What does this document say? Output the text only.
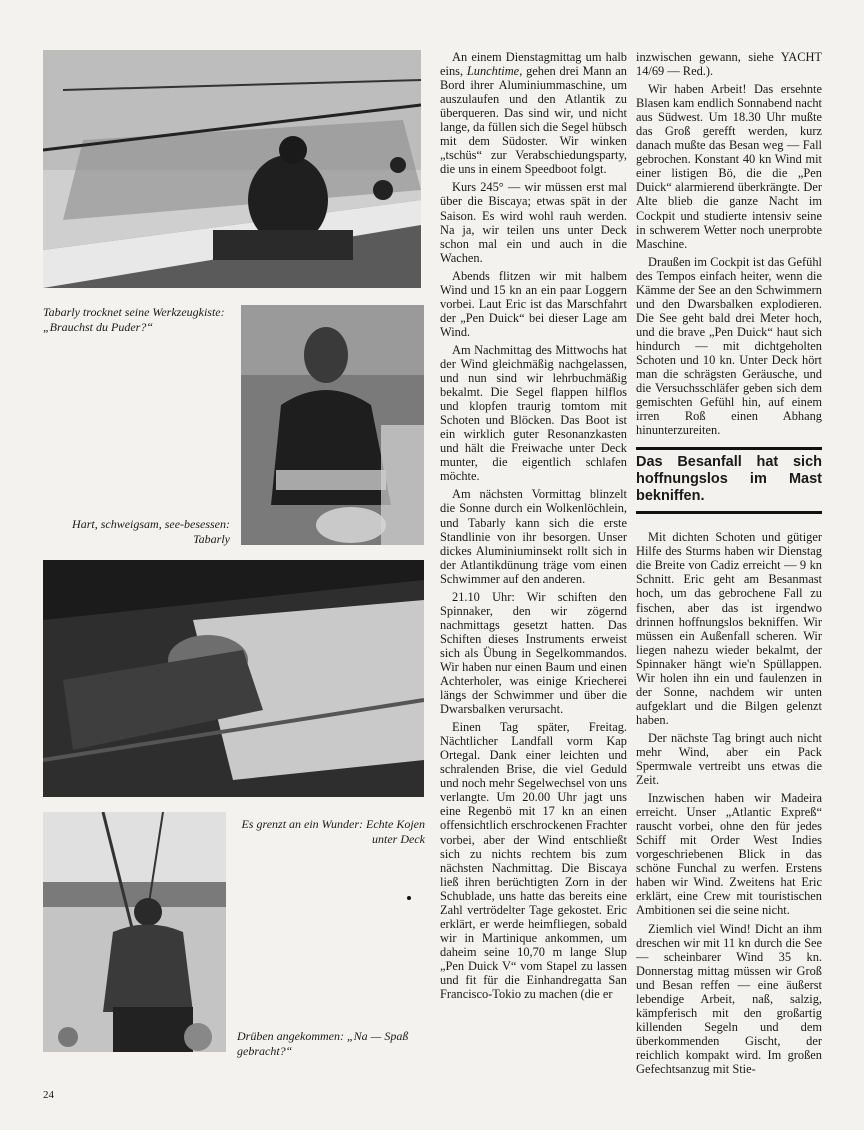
Tabarly trocknet seine Werkzeugkiste: „Brauchst du Puder?“
Hart, schweigsam, see-besessen: Tabarly
Es grenzt an ein Wunder: Echte Kojen unter Deck
Drüben angekommen: „Na — Spaß gebracht?“

An einem Dienstagmittag um halb eins, Lunchtime, gehen drei Mann an Bord ihrer Aluminiummaschine, um auszulaufen und den Atlantik zu überqueren. Das sind wir, und nicht lange, da füllen sich die Segel hübsch mit dem Südoster. Wir winken „tschüs“ zur Verabschiedungsparty, die uns in einem Speedboot folgt.

Kurs 245° — wir müssen erst mal über die Biscaya; etwas spät in der Saison. Es wird wohl rauh werden. Na ja, wir teilen uns unter Deck schon mal ein und auch in die Wachen.

Abends flitzen wir mit halbem Wind und 15 kn an ein paar Loggern vorbei. Laut Eric ist das Marschfahrt der „Pen Duick“ bei dieser Lage am Wind.

Am Nachmittag des Mittwochs hat der Wind gleichmäßig nachgelassen, und nun sind wir lehrbuchmäßig bekalmt. Die Segel flappen hilflos und klopfen traurig tomtom mit Schoten und Blöcken. Das Boot ist ein wirklich guter Resonanzkasten und hält die Freiwache unter Deck munter, die eigentlich schlafen möchte.

Am nächsten Vormittag blinzelt die Sonne durch ein Wolkenlöchlein, und Tabarly kann sich die erste Standlinie von ihr besorgen. Unser dickes Aluminiuminsekt rollt sich in der Atlantikdünung träge vom einen Schwimmer auf den anderen.

21.10 Uhr: Wir schiften den Spinnaker, den wir zögernd nachmittags gesetzt hatten. Das Schiften dieses Instruments erweist sich als Übung in Segelkommandos. Wir haben nur einen Baum und einen Achterholer, was einige Kriecherei längs der Schwimmer und über die Dwarsbalken verursacht.

Einen Tag später, Freitag. Nächtlicher Landfall vorm Kap Ortegal. Dank einer leichten und schralenden Brise, die viel Geduld und noch mehr Segelwechsel von uns verlangte. Um 20.00 Uhr jagt uns eine Regenbö mit 17 kn an einen offensichtlich erschrockenen Frachter vorbei, aber der Wind entschließt sich zu nichts rechtem bis zum nächsten Nachmittag. Die Biscaya ließ ihren berüchtigten Zorn in der Schublade, uns hatte das bereits eine Zahl vertrödelter Tage gekostet. Eric erklärt, er werde heimfliegen, sobald wir in Martinique ankommen, um daheim seine 10,70 m lange Slup „Pen Duick V“ vom Stapel zu lassen und fit für die Einhandregatta San Francisco-Tokio zu machen (die er

inzwischen gewann, siehe YACHT 14/69 — Red.).

Wir haben Arbeit! Das ersehnte Blasen kam endlich Sonnabend nacht aus Südwest. Um 18.30 Uhr mußte das Groß gerefft werden, kurz danach mußte das Besan weg — Fall gebrochen. Konstant 40 kn Wind mit einer listigen Bö, die die „Pen Duick“ alarmierend überkrängte. Der Alte blieb die ganze Nacht im Cockpit und studierte intensiv seine in schwerem Wetter noch unerprobte Maschine.

Draußen im Cockpit ist das Gefühl des Tempos einfach heiter, wenn die Kämme der See an den Schwimmern und den Dwarsbalken explodieren. Die See geht bald drei Meter hoch, und die brave „Pen Duick“ haut sich hindurch — mit dichtgeholten Schoten und 10 kn. Unter Deck hört man die schrägsten Geräusche, und die Versuchsschläfer geben sich dem gemischten Gefühl hin, auf einem irren Roß einen Abhang hinunterzureiten.

Das Besanfall hat sich hoffnungslos im Mast bekniffen.

Mit dichten Schoten und gütiger Hilfe des Sturms haben wir Dienstag die Breite von Cadiz erreicht — 9 kn Schnitt. Eric geht am Besanmast hoch, um das gebrochene Fall zu fischen, aber das ist irgendwo drinnen hoffnungslos bekniffen. Wir müssen ein Außenfall scheren. Wir liegen nahezu wieder bekalmt, der Spinnaker hängt wie'n Spüllappen. Wir holen ihn ein und faulenzen in der Sonne, nachdem wir unten aufgeklart und die Bilgen gelenzt haben.

Der nächste Tag bringt auch nicht mehr Wind, aber ein Pack Spermwale vertreibt uns etwas die Zeit.

Inzwischen haben wir Madeira erreicht. Unser „Atlantic Expreß“ rauscht vorbei, ohne den für jedes Schiff mit Order West Indies vorgeschriebenen Blick in das schöne Funchal zu werfen. Erstens haben wir Wind. Zweitens hat Eric erklärt, eine Crew mit touristischen Ambitionen sei die seine nicht.

Ziemlich viel Wind! Dicht an ihm dreschen wir mit 11 kn durch die See — scheinbarer Wind 35 kn. Donnerstag mittag müssen wir Groß und Besan reffen — eine äußerst lebendige Arbeit, naß, salzig, kämpferisch mit den großartig killenden Segeln und dem überkommenden Gischt, der reichlich kompakt wird. Im großen Gefechtsanzug mit Stie-

24
